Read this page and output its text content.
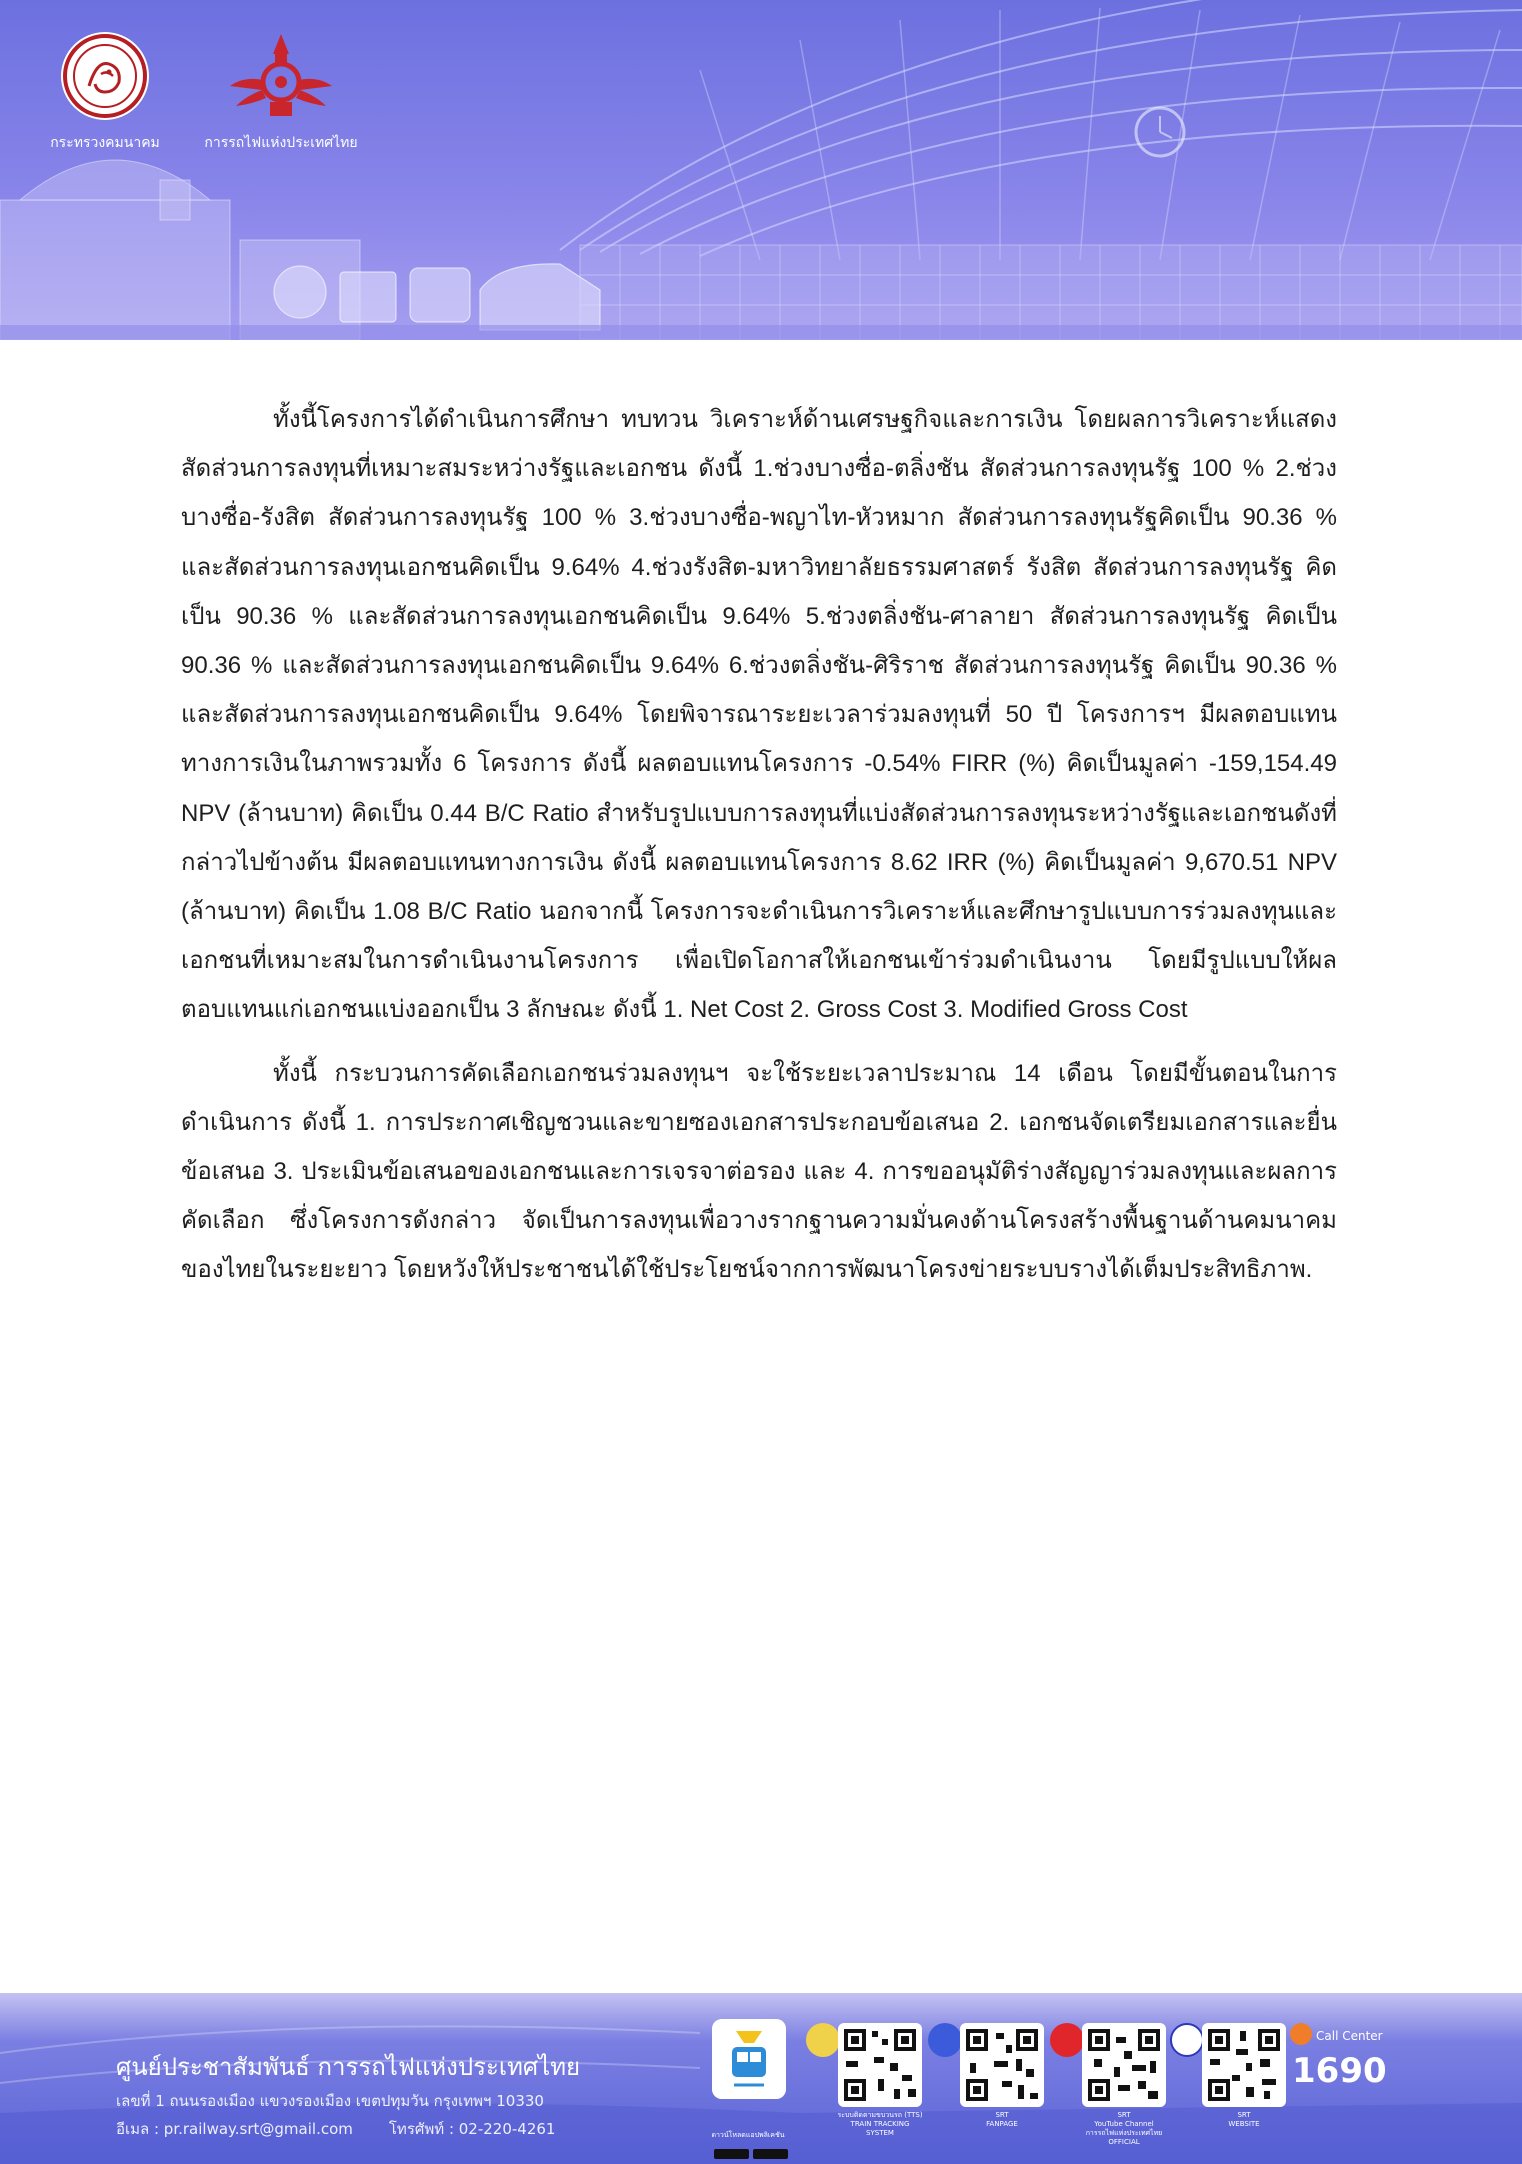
กระทรวงคมนาคม	การรถไฟแห่งประเทศไทย

ทั้งนี้โครงการได้ดำเนินการศึกษา ทบทวน วิเคราะห์ด้านเศรษฐกิจและการเงิน โดยผลการวิเคราะห์แสดงสัดส่วนการลงทุนที่เหมาะสมระหว่างรัฐและเอกชน ดังนี้ 1.ช่วงบางซื่อ-ตลิ่งชัน สัดส่วนการลงทุนรัฐ 100 % 2.ช่วงบางซื่อ-รังสิต สัดส่วนการลงทุนรัฐ 100 % 3.ช่วงบางซื่อ-พญาไท-หัวหมาก สัดส่วนการลงทุนรัฐคิดเป็น 90.36 % และสัดส่วนการลงทุนเอกชนคิดเป็น 9.64% 4.ช่วงรังสิต-มหาวิทยาลัยธรรมศาสตร์ รังสิต สัดส่วนการลงทุนรัฐ คิดเป็น 90.36 % และสัดส่วนการลงทุนเอกชนคิดเป็น 9.64% 5.ช่วงตลิ่งชัน-ศาลายา สัดส่วนการลงทุนรัฐ คิดเป็น 90.36 % และสัดส่วนการลงทุนเอกชนคิดเป็น 9.64% 6.ช่วงตลิ่งชัน-ศิริราช สัดส่วนการลงทุนรัฐ คิดเป็น 90.36 % และสัดส่วนการลงทุนเอกชนคิดเป็น 9.64% โดยพิจารณาระยะเวลาร่วมลงทุนที่ 50 ปี โครงการฯ มีผลตอบแทนทางการเงินในภาพรวมทั้ง 6 โครงการ ดังนี้ ผลตอบแทนโครงการ -0.54% FIRR (%) คิดเป็นมูลค่า -159,154.49 NPV (ล้านบาท) คิดเป็น 0.44 B/C Ratio สำหรับรูปแบบการลงทุนที่แบ่งสัดส่วนการลงทุนระหว่างรัฐและเอกชนดังที่กล่าวไปข้างต้น มีผลตอบแทนทางการเงิน ดังนี้ ผลตอบแทนโครงการ 8.62 IRR (%) คิดเป็นมูลค่า 9,670.51 NPV (ล้านบาท) คิดเป็น 1.08 B/C Ratio นอกจากนี้ โครงการจะดำเนินการวิเคราะห์และศึกษารูปแบบการร่วมลงทุนและเอกชนที่เหมาะสมในการดำเนินงานโครงการ เพื่อเปิดโอกาสให้เอกชนเข้าร่วมดำเนินงาน โดยมีรูปแบบให้ผลตอบแทนแก่เอกชนแบ่งออกเป็น 3 ลักษณะ ดังนี้ 1. Net Cost 2. Gross Cost 3. Modified Gross Cost

ทั้งนี้ กระบวนการคัดเลือกเอกชนร่วมลงทุนฯ จะใช้ระยะเวลาประมาณ 14 เดือน โดยมีขั้นตอนในการดำเนินการ ดังนี้ 1. การประกาศเชิญชวนและขายซองเอกสารประกอบข้อเสนอ 2. เอกชนจัดเตรียมเอกสารและยื่นข้อเสนอ 3. ประเมินข้อเสนอของเอกชนและการเจรจาต่อรอง และ 4. การขออนุมัติร่างสัญญาร่วมลงทุนและผลการคัดเลือก ซึ่งโครงการดังกล่าว จัดเป็นการลงทุนเพื่อวางรากฐานความมั่นคงด้านโครงสร้างพื้นฐานด้านคมนาคมของไทยในระยะยาว โดยหวังให้ประชาชนได้ใช้ประโยชน์จากการพัฒนาโครงข่ายระบบรางได้เต็มประสิทธิภาพ.

ศูนย์ประชาสัมพันธ์ การรถไฟแห่งประเทศไทย
เลขที่ 1 ถนนรองเมือง แขวงรองเมือง เขตปทุมวัน กรุงเทพฯ 10330
อีเมล : pr.railway.srt@gmail.com โทรศัพท์ : 02-220-4261	ดาวน์โหลดแอปพลิเคชัน
ระบบติดตามขบวนรถ (TTS)
TRAIN TRACKING
SYSTEM
SRT
FANPAGE
SRT
YouTube Channel
การรถไฟแห่งประเทศไทย
OFFICIAL
SRT
WEBSITE
Call Center
1690
